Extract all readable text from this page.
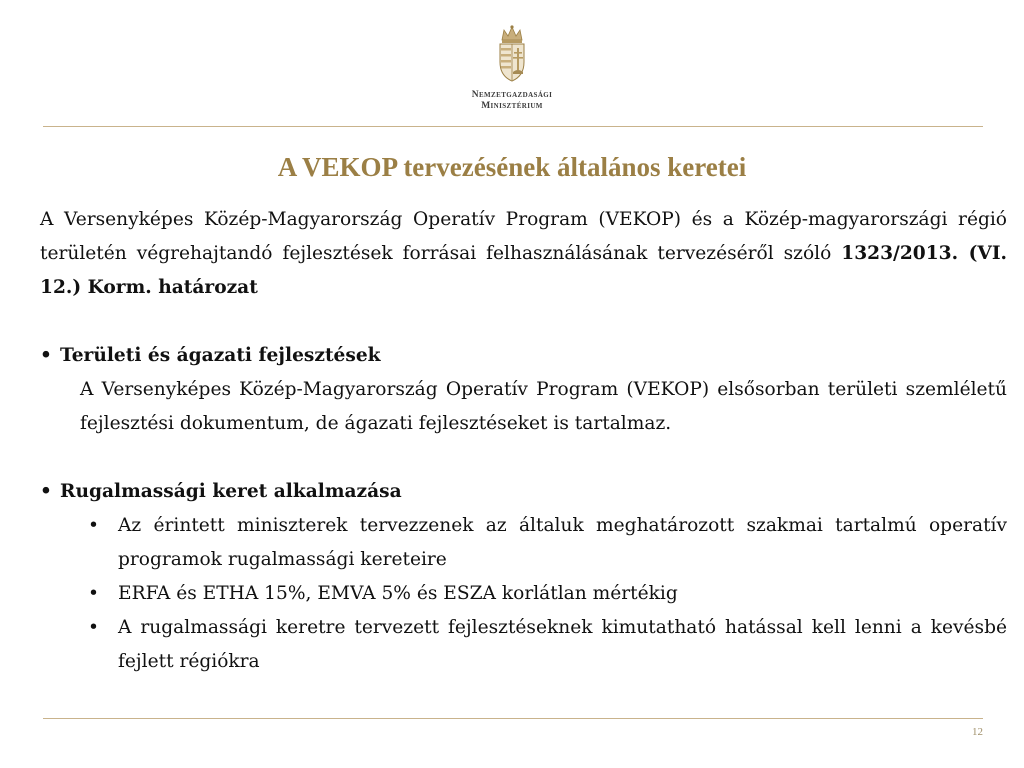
Nemzetgazdasági
Minisztérium
A VEKOP tervezésének általános keretei

A Versenyképes Közép-Magyarország Operatív Program (VEKOP) és a Közép-magyarországi régió területén végrehajtandó fejlesztések forrásai felhasználásának tervezéséről szóló 1323/2013. (VI. 12.) Korm. határozat

• Területi és ágazati fejlesztések

A Versenyképes Közép-Magyarország Operatív Program (VEKOP) elsősorban területi szemléletű fejlesztési dokumentum, de ágazati fejlesztéseket is tartalmaz.

• Rugalmassági keret alkalmazása

• Az érintett miniszterek tervezzenek az általuk meghatározott szakmai tartalmú operatív programok rugalmassági kereteire

• ERFA és ETHA 15%, EMVA 5% és ESZA korlátlan mértékig

• A rugalmassági keretre tervezett fejlesztéseknek kimutatható hatással kell lenni a kevésbé fejlett régiókra

12
